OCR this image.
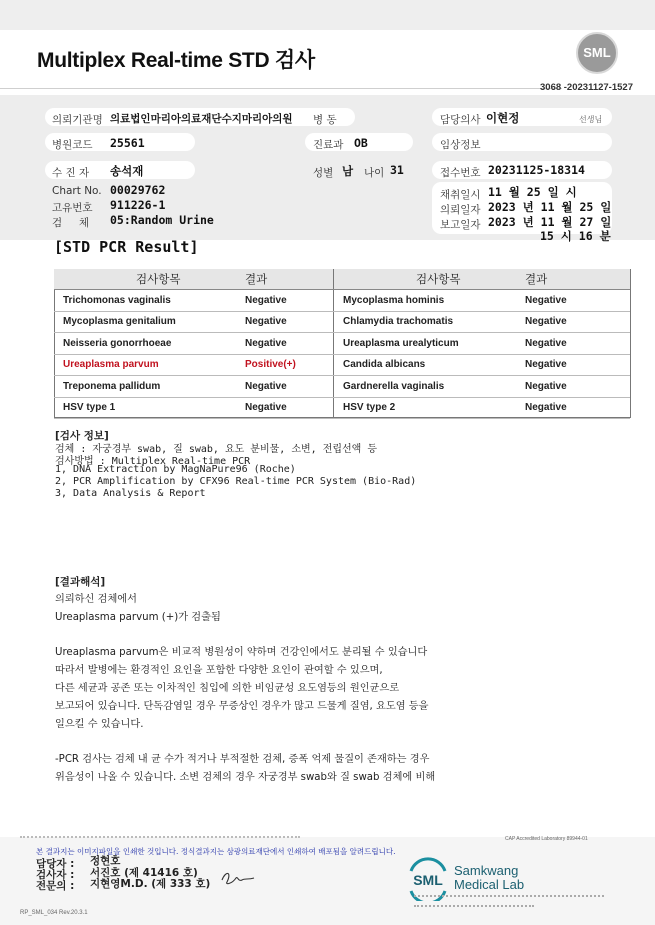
Multiplex Real-time STD 검사	SML
3068 -20231127-1527
의뢰기관명 의료법인마리아의료재단수지마리아의원 병 동	담당의사 이현정	선생님
병원코드 25561	진료과 OB	임상정보
수 진 자 송석재	성별 남 나이 31	접수번호 20231125-18314
Chart No. 00029762
고유번호 911226-1
검     체 05:Random Urine
채취일시 11 월 25 일 시
의뢰일자 2023 년 11 월 25 일
보고일자 2023 년 11 월 27 일
15 시 16 분
[STD PCR Result]
검사항목	결과	검사항목	결과
Trichomonas vaginalis	Negative	Mycoplasma hominis	Negative
Mycoplasma genitalium	Negative	Chlamydia trachomatis	Negative
Neisseria gonorrhoeae	Negative	Ureaplasma urealyticum	Negative
Ureaplasma parvum	Positive(+)	Candida albicans	Negative
Treponema pallidum	Negative	Gardnerella vaginalis	Negative
HSV type 1	Negative	HSV type 2	Negative
[검사 정보]
검체 : 자궁경부 swab, 질 swab, 요도 분비물, 소변, 전립선액 등
검사방법 : Multiplex Real-time PCR
1, DNA Extraction by MagNaPure96 (Roche)
2, PCR Amplification by CFX96 Real-time PCR System (Bio-Rad)
3, Data Analysis & Report
[결과해석]
의뢰하신 검체에서
Ureaplasma parvum (+)가 검출됨
Ureaplasma parvum은 비교적 병원성이 약하며 건강인에서도 분리될 수 있습니다
따라서 발병에는 환경적인 요인을 포함한 다양한 요인이 관여할 수 있으며,
다른 세균과 공존 또는 이차적인 침입에 의한 비임균성 요도염등의 원인균으로
보고되어 있습니다. 단독감염일 경우 무증상인 경우가 많고 드물게 질염, 요도염 등을
일으킬 수 있습니다.
-PCR 검사는 검체 내 균 수가 적거나 부적절한 검체, 증폭 억제 물질이 존재하는 경우
위음성이 나올 수 있습니다. 소변 검체의 경우 자궁경부 swab와 질 swab 검체에 비해
CAP Accredited Laboratory 89944-01
본 결과지는 이미지파일을 인쇄한 것입니다. 정식결과지는 삼광의료재단에서 인쇄하여 배포됨을 알려드립니다.
담당자 : 정현호
검사자 : 서진호 (제 41416 호)
전문의 : 지현영M.D. (제 333 호)	SML
Samkwang
Medical Lab
RP_SML_034 Rev.20.3.1
